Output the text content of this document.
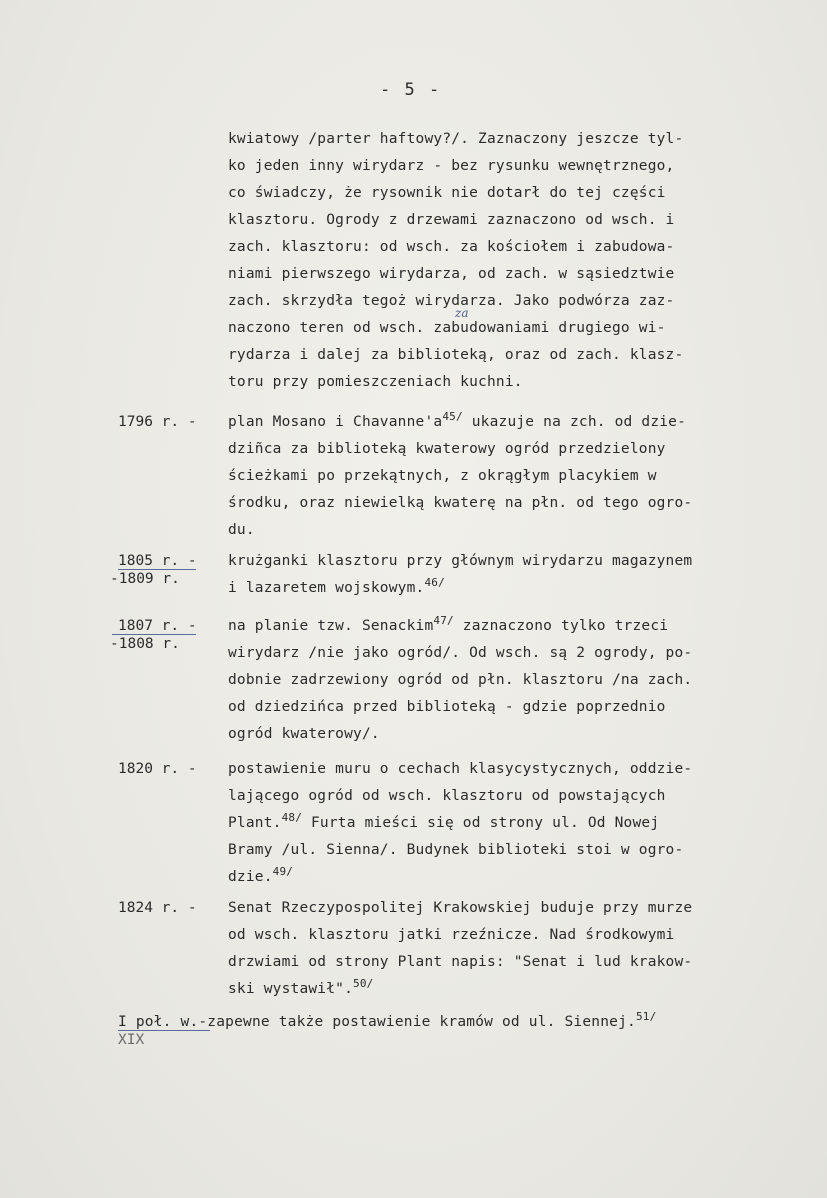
- 5 -
kwiatowy /parter haftowy?/. Zaznaczony jeszcze tyl-
ko jeden inny wirydarz - bez rysunku wewnętrznego,
co świadczy, że rysownik nie dotarł do tej części
klasztoru. Ogrody z drzewami zaznaczono od wsch. i
zach. klasztoru: od wsch. za kościołem i zabudowa-
niami pierwszego wirydarza, od zach. w sąsiedztwie
zach. skrzydła tegoż wirydarza. Jako podwórza zaz-
naczono teren od wsch. zabudowaniami drugiego wi-
rydarza i dalej za biblioteką, oraz od zach. klasz-
toru przy pomieszczeniach kuchni.
za
1796 r. - plan Mosano i Chavanne'a$^{45/}$ ukazuje na zch. od dzie-
dziñca za biblioteką kwaterowy ogród przedzielony
ścieżkami po przekątnych, z okrągłym placykiem w
środku, oraz niewielką kwaterę na płn. od tego ogro-
du.
1805 r. -
-1809 r.
krużganki klasztoru przy głównym wirydarzu magazynem
i lazaretem wojskowym.$^{46/}$
1807 r. -
-1808 r.
na planie tzw. Senackim$^{47/}$ zaznaczono tylko trzeci
wirydarz /nie jako ogród/. Od wsch. są 2 ogrody, po-
dobnie zadrzewiony ogród od płn. klasztoru /na zach.
od dziedzińca przed biblioteką - gdzie poprzednio
ogród kwaterowy/.
1820 r. - postawienie muru o cechach klasycystycznych, oddzie-
lającego ogród od wsch. klasztoru od powstających
Plant.$^{48/}$ Furta mieści się od strony ul. Od Nowej
Bramy /ul. Sienna/. Budynek biblioteki stoi w ogro-
dzie.$^{49/}$
1824 r. - Senat Rzeczypospolitej Krakowskiej buduje przy murze
od wsch. klasztoru jatki rzeźnicze. Nad środkowymi
drzwiami od strony Plant napis: "Senat i lud krakow-
ski wystawił".$^{50/}$
I poł. w.-zapewne także postawienie kramów od ul. Siennej.$^{51/}$
XIX
